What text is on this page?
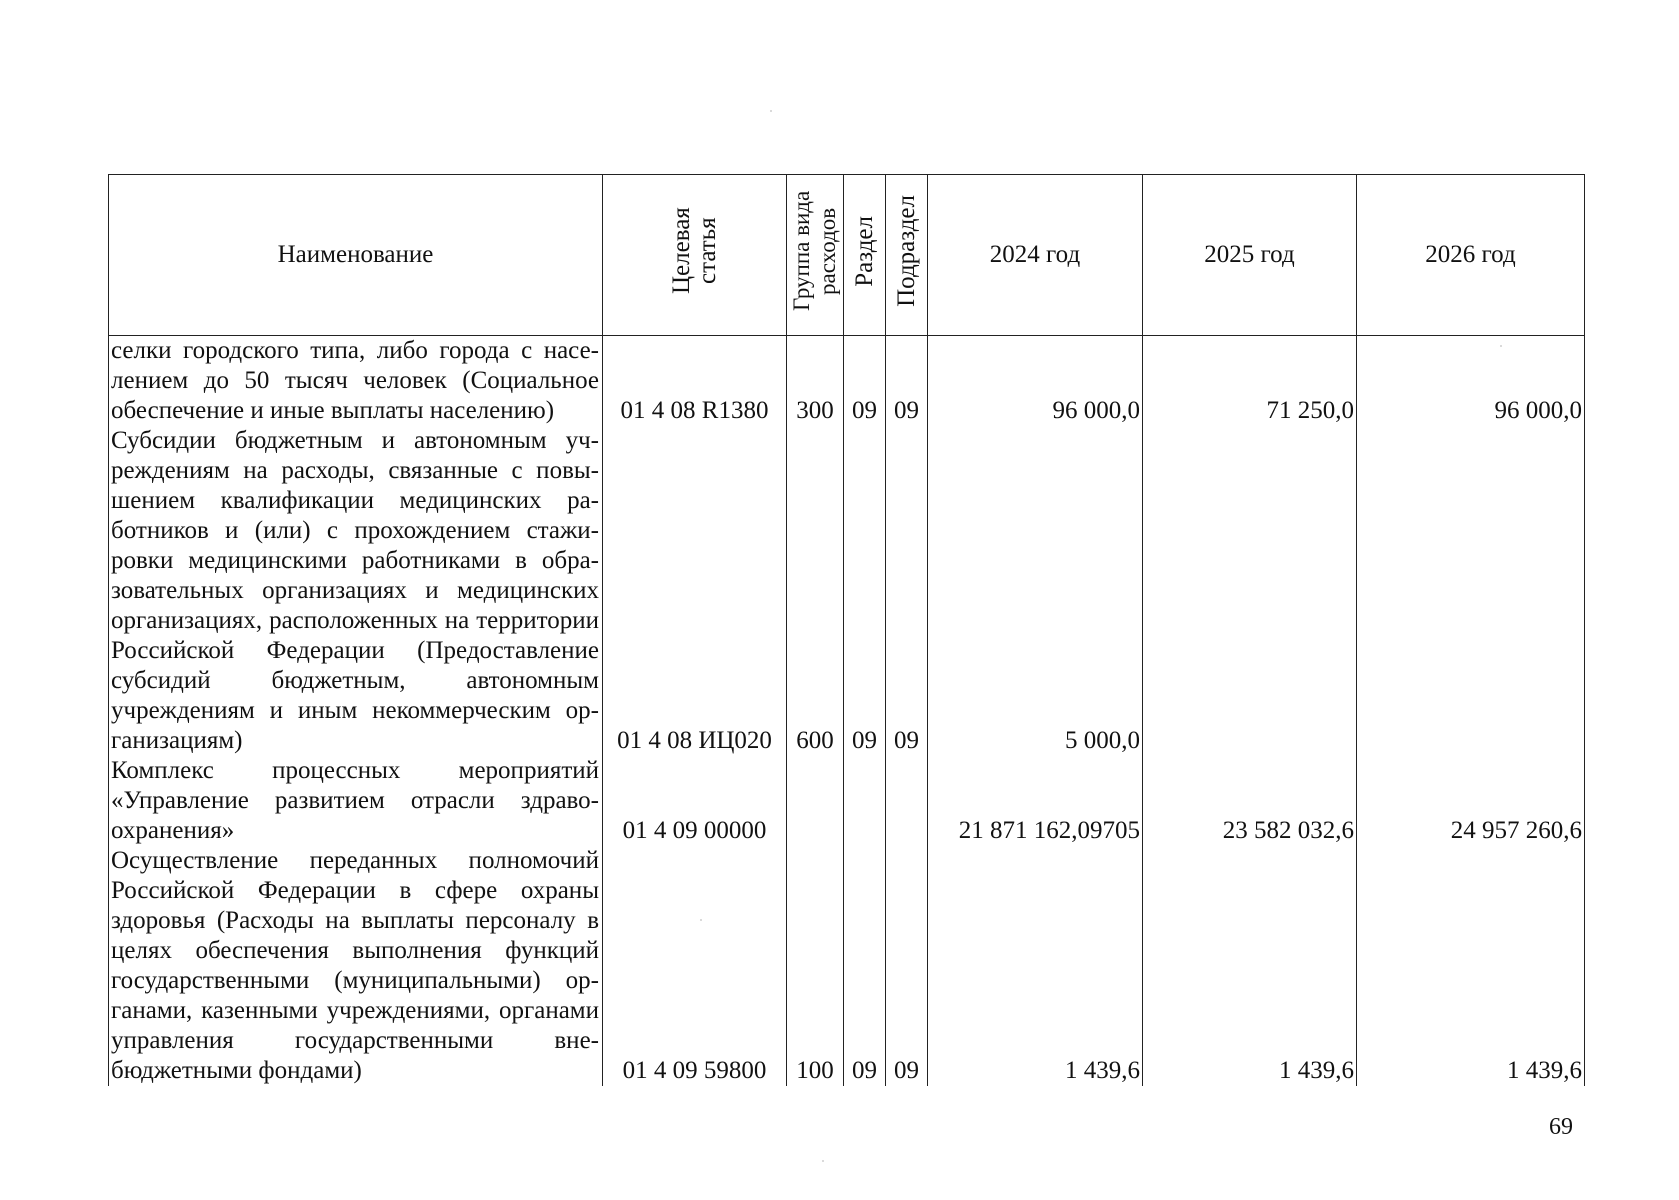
Наименование	Целевая статья	Группа вида расходов	Раздел	Подраздел	2024 год	2025 год	2026 год
селки городского типа, либо города с населением до 50 тысяч человек (Социальное обеспечение и иные выплаты населению)	01 4 08 R1380	300	09	09	96 000,0	71 250,0	96 000,0
Субсидии бюджетным и автономным учреждениям на расходы, связанные с повышением квалификации медицинских работников и (или) с прохождением стажировки медицинскими работниками в образовательных организациях и медицинских организациях, расположенных на территории Российской Федерации (Предоставление субсидий бюджетным, автономным учреждениям и иным некоммерческим организациям)	01 4 08 ИЦ020	600	09	09	5 000,0		
Комплекс процессных мероприятий «Управление развитием отрасли здравоохранения»	01 4 09 00000				21 871 162,09705	23 582 032,6	24 957 260,6
Осуществление переданных полномочий Российской Федерации в сфере охраны здоровья (Расходы на выплаты персоналу в целях обеспечения выполнения функций государственными (муниципальными) органами, казенными учреждениями, органами управления государственными внебюджетными фондами)	01 4 09 59800	100	09	09	1 439,6	1 439,6	1 439,6
69
